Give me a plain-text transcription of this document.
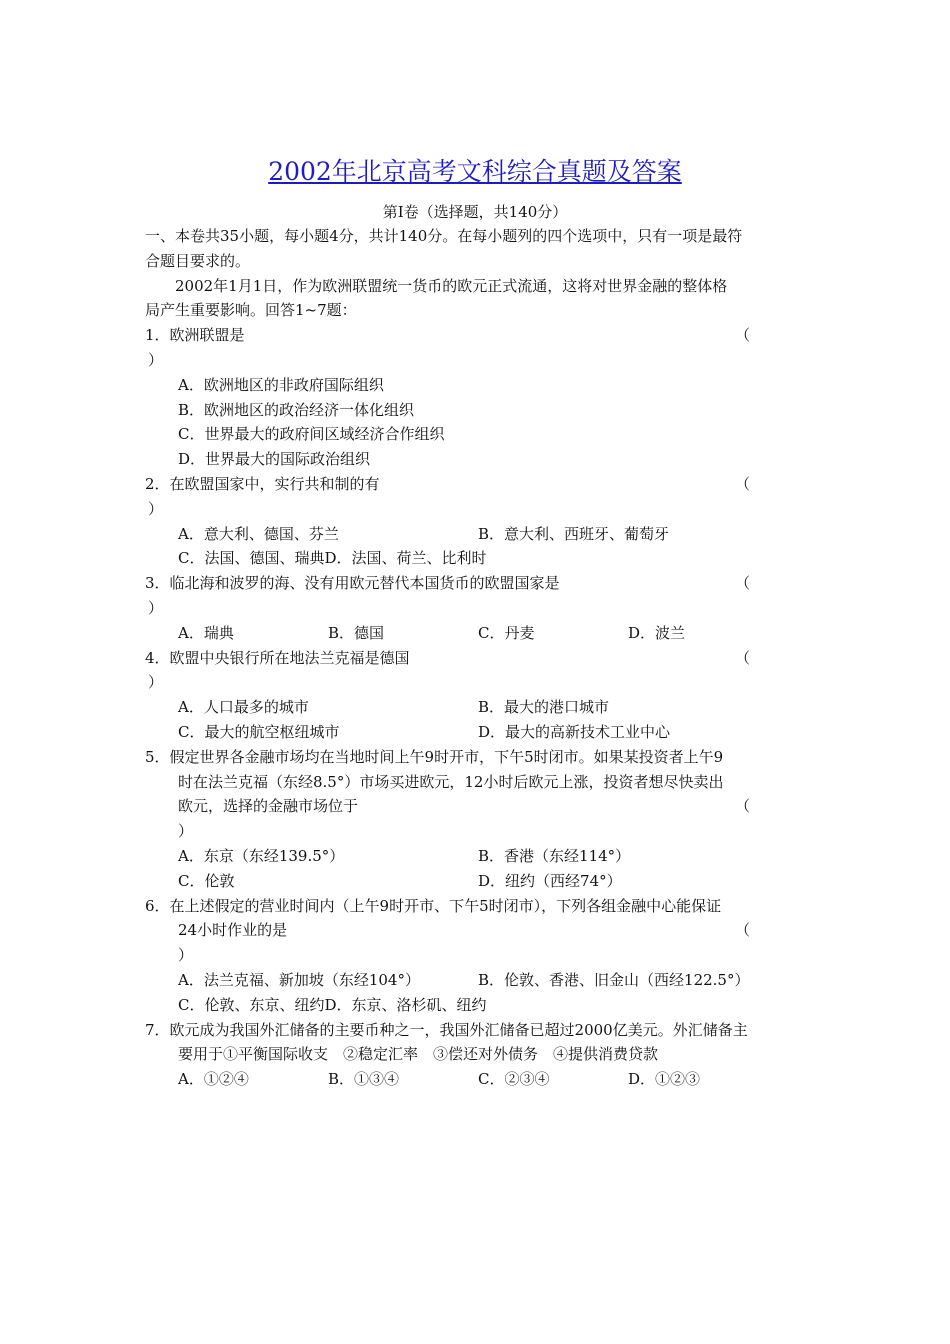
2002年北京高考文科综合真题及答案
第Ⅰ卷（选择题，共140分）

一、本卷共35小题，每小题4分，共计140分。在每小题列的四个选项中，只有一项是最符

合题目要求的。

2002年1月1日，作为欧洲联盟统一货币的欧元正式流通，这将对世界金融的整体格

局产生重要影响。回答1~7题：

1．欧洲联盟是	（
）
A．欧洲地区的非政府国际组织
B．欧洲地区的政治经济一体化组织
C．世界最大的政府间区域经济合作组织
D．世界最大的国际政治组织
2．在欧盟国家中，实行共和制的有	（
）
A．意大利、德国、芬兰	B．意大利、西班牙、葡萄牙
C．法国、德国、瑞典 D．法国、荷兰、比利时
3．临北海和波罗的海、没有用欧元替代本国货币的欧盟国家是	（
）
A．瑞典	B．德国	C．丹麦	D．波兰
4．欧盟中央银行所在地法兰克福是德国	（
）
A．人口最多的城市	B．最大的港口城市
C．最大的航空枢纽城市	D．最大的高新技术工业中心
5．假定世界各金融市场均在当地时间上午9时开市，下午5时闭市。如果某投资者上午9
时在法兰克福（东经8.5°）市场买进欧元，12小时后欧元上涨，投资者想尽快卖出
欧元，选择的金融市场位于	（
）
A．东京（东经139.5°）	B．香港（东经114°）
C．伦敦	D．纽约（西经74°）
6．在上述假定的营业时间内（上午9时开市、下午5时闭市），下列各组金融中心能保证
24小时作业的是	（
）
A．法兰克福、新加坡（东经104°）	B．伦敦、香港、旧金山（西经122.5°）
C．伦敦、东京、纽约 D．东京、洛杉矶、纽约
7．欧元成为我国外汇储备的主要币种之一，我国外汇储备已超过2000亿美元。外汇储备主
要用于①平衡国际收支　②稳定汇率　③偿还对外债务　④提供消费贷款
A．①②④	B．①③④	C．②③④	D．①②③
